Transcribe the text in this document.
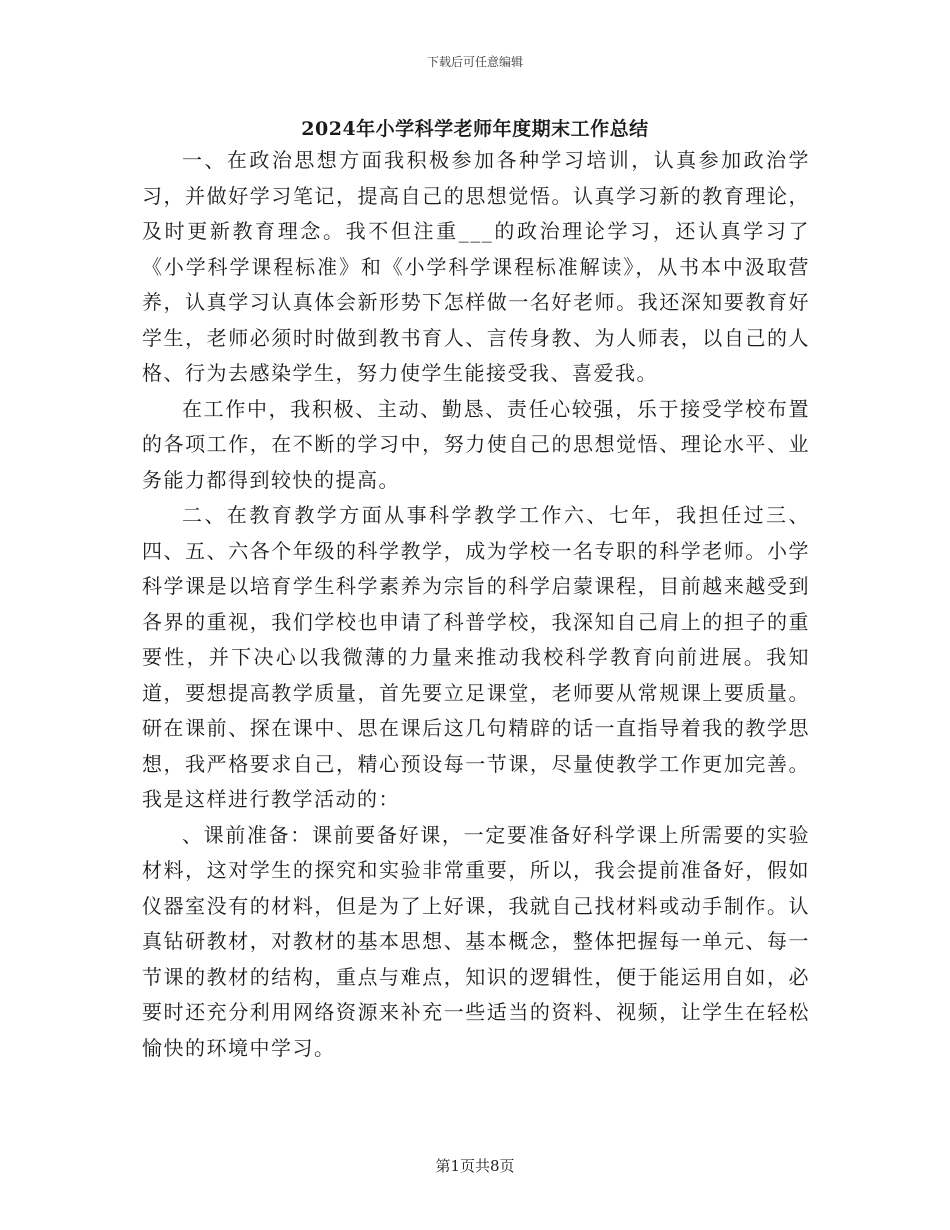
下载后可任意编辑
2024年小学科学老师年度期末工作总结

一、在政治思想方面我积极参加各种学习培训，认真参加政治学习，并做好学习笔记，提高自己的思想觉悟。认真学习新的教育理论，及时更新教育理念。我不但注重___的政治理论学习，还认真学习了《小学科学课程标准》和《小学科学课程标准解读》，从书本中汲取营养，认真学习认真体会新形势下怎样做一名好老师。我还深知要教育好学生，老师必须时时做到教书育人、言传身教、为人师表，以自己的人格、行为去感染学生，努力使学生能接受我、喜爱我。

在工作中，我积极、主动、勤恳、责任心较强，乐于接受学校布置的各项工作，在不断的学习中，努力使自己的思想觉悟、理论水平、业务能力都得到较快的提高。

二、在教育教学方面从事科学教学工作六、七年，我担任过三、四、五、六各个年级的科学教学，成为学校一名专职的科学老师。小学科学课是以培育学生科学素养为宗旨的科学启蒙课程，目前越来越受到各界的重视，我们学校也申请了科普学校，我深知自己肩上的担子的重要性，并下决心以我微薄的力量来推动我校科学教育向前进展。我知道，要想提高教学质量，首先要立足课堂，老师要从常规课上要质量。研在课前、探在课中、思在课后这几句精辟的话一直指导着我的教学思想，我严格要求自己，精心预设每一节课，尽量使教学工作更加完善。我是这样进行教学活动的：

、课前准备：课前要备好课，一定要准备好科学课上所需要的实验材料，这对学生的探究和实验非常重要，所以，我会提前准备好，假如仪器室没有的材料，但是为了上好课，我就自己找材料或动手制作。认真钻研教材，对教材的基本思想、基本概念，整体把握每一单元、每一节课的教材的结构，重点与难点，知识的逻辑性，便于能运用自如，必要时还充分利用网络资源来补充一些适当的资料、视频，让学生在轻松愉快的环境中学习。

第1页共8页
